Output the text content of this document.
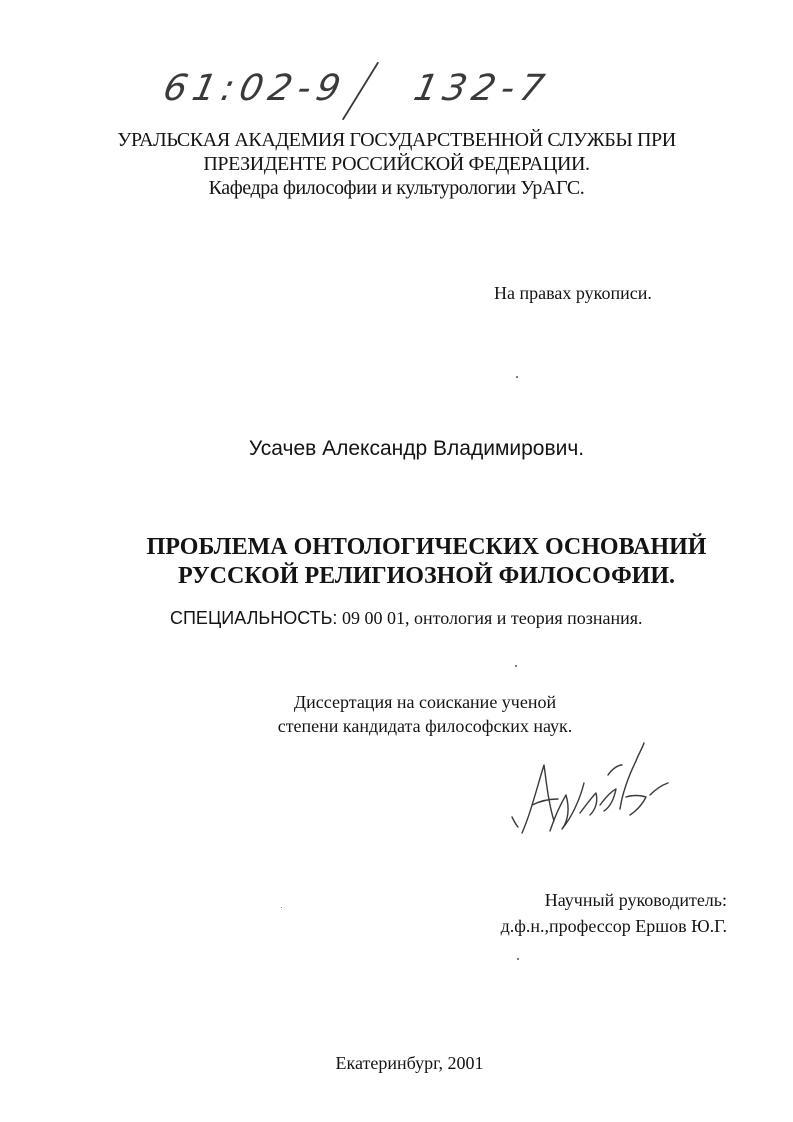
61:02-9 132-7
УРАЛЬСКАЯ АКАДЕМИЯ ГОСУДАРСТВЕННОЙ СЛУЖБЫ ПРИ
ПРЕЗИДЕНТЕ РОССИЙСКОЙ ФЕДЕРАЦИИ.
Кафедра философии и культурологии УрАГС.
На правах рукописи.
Усачев Александр Владимирович.
ПРОБЛЕМА ОНТОЛОГИЧЕСКИХ ОСНОВАНИЙ
РУССКОЙ РЕЛИГИОЗНОЙ ФИЛОСОФИИ.
СПЕЦИАЛЬНОСТЬ: 09 00 01, онтология и теория познания.
Диссертация на соискание ученой
степени кандидата философских наук.
Научный руководитель:
д.ф.н.,профессор Ершов Ю.Г.
Екатеринбург, 2001
